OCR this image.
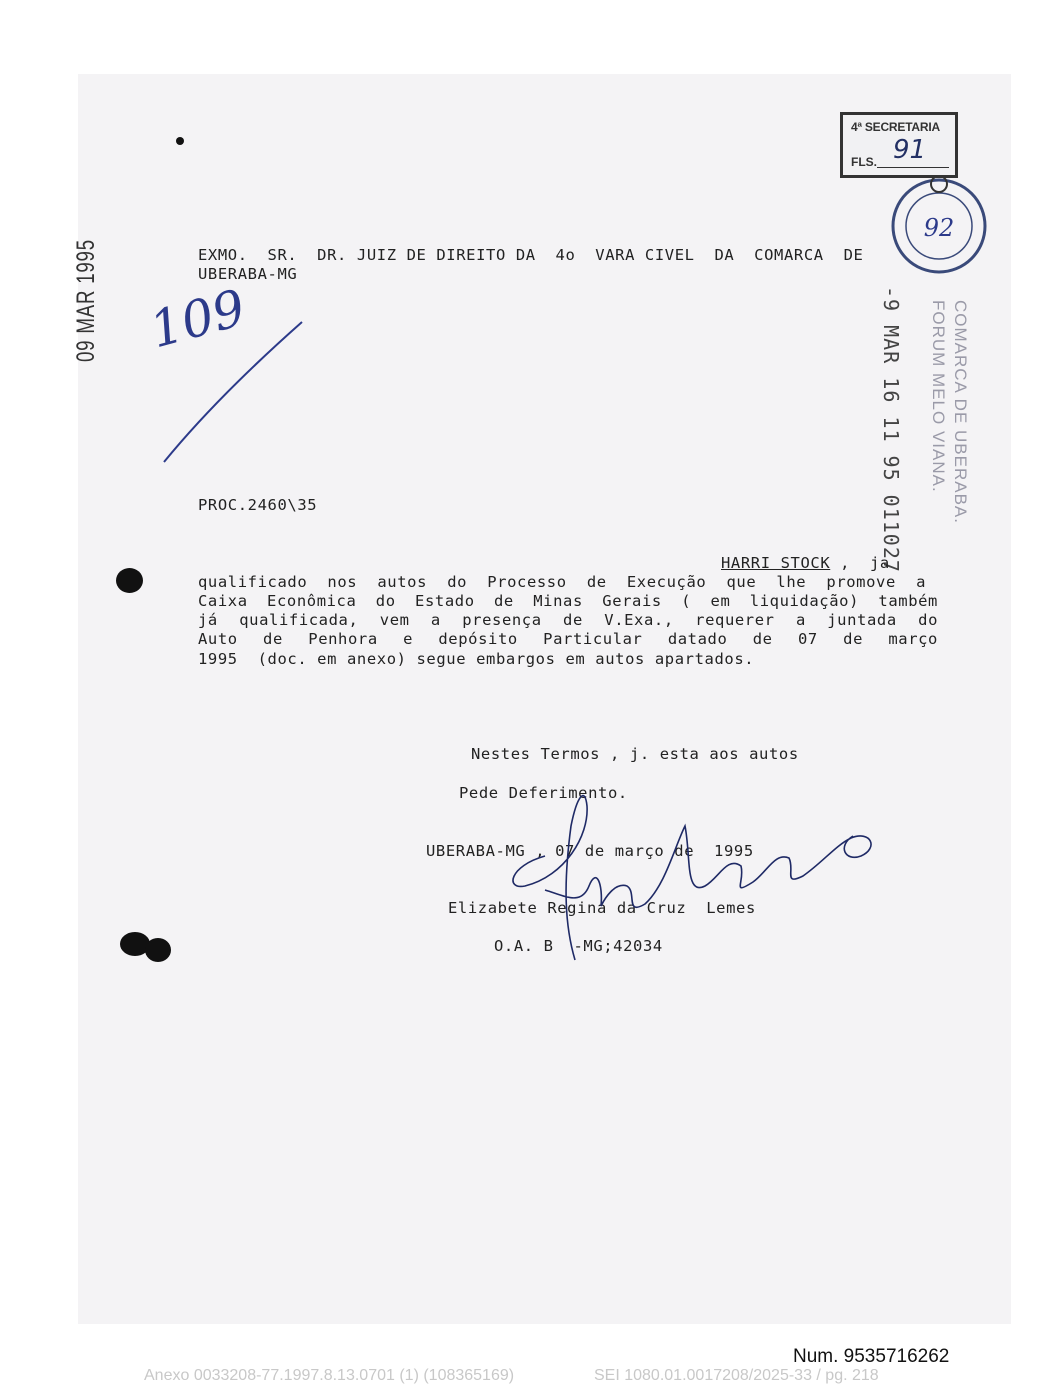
4ª SECRETARIA
FLS. 91
92
09 MAR 1995	-9 MAR 16 11 95 011027	COMARCA DE UBERABA.
FORUM MELO VIANA.
109
EXMO.  SR.  DR. JUIZ DE DIREITO DA  4o  VARA CIVEL  DA  COMARCA  DE
UBERABA-MG
PROC.2460\35
HARRI STOCK ,  ja
qualificado nos autos do Processo de Execução que lhe promove a
Caixa Econômica do Estado de Minas Gerais ( em liquidação) também
já qualificada, vem a presença de V.Exa., requerer a juntada do
Auto de Penhora e depósito Particular datado de 07 de março
1995  (doc. em anexo) segue embargos em autos apartados.
Nestes Termos , j. esta aos autos
Pede Deferimento.
UBERABA-MG , 07 de março de  1995
Elizabete Regina da Cruz  Lemes
O.A. B  -MG;42034
Num. 9535716262
Anexo 0033208-77.1997.8.13.0701 (1) (108365169)	SEI 1080.01.0017208/2025-33 / pg. 218
